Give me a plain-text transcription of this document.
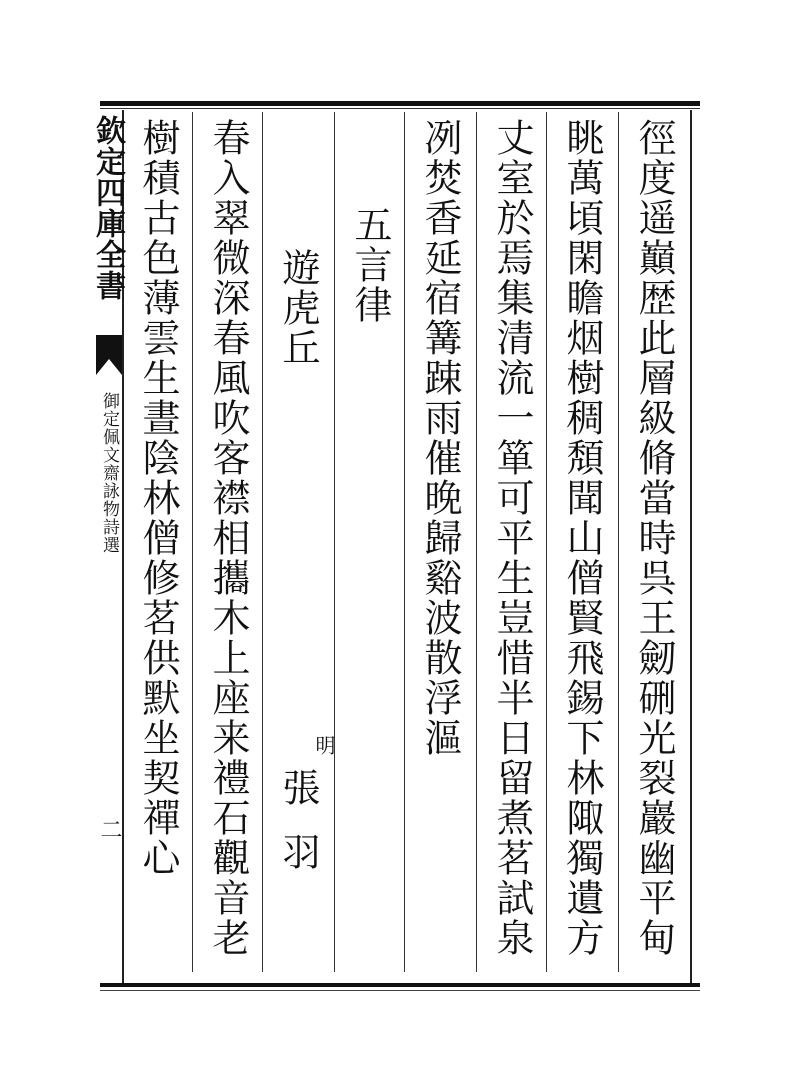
欽定四庫全書
御定佩文齋詠物詩選
二	徑度遥巔歴此層級脩當時呉王劒硎光裂巖幽平甸
眺萬頃閑瞻烟樹稠頽聞山僧賢飛錫下林陬獨遺方
丈室於焉集清流一箪可平生豈惜半日留煮茗試泉
冽焚香延宿篝踈雨催晚歸谿波散浮漚
五言律
遊虎丘
明
張羽
春入翠微深春風吹客襟相攜木上座来禮石觀音老
樹積古色薄雲生晝陰林僧修茗供默坐契禪心
